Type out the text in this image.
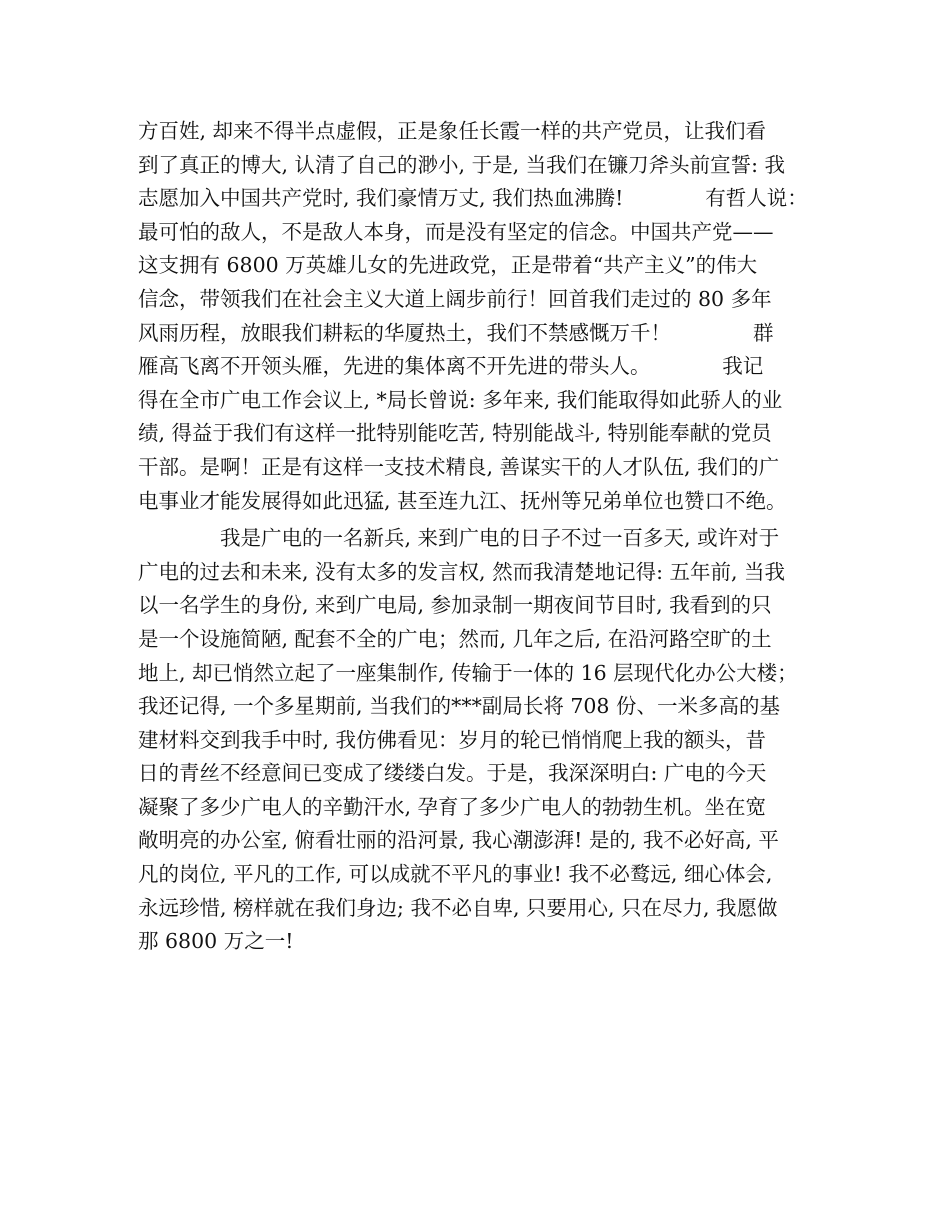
方百姓, 却来不得半点虚假，正是象任长霞一样的共产党员，让我们看
到了真正的博大, 认清了自己的渺小, 于是, 当我们在镰刀斧头前宣誓: 我
志愿加入中国共产党时, 我们豪情万丈, 我们热血沸腾!　　　　有哲人说：
最可怕的敌人，不是敌人本身，而是没有坚定的信念。中国共产党——
这支拥有 6800 万英雄儿女的先进政党，正是带着“共产主义”的伟大
信念，带领我们在社会主义大道上阔步前行！回首我们走过的 80 多年
风雨历程，放眼我们耕耘的华厦热土，我们不禁感慨万千！　　　　群
雁高飞离不开领头雁，先进的集体离不开先进的带头人。　　　　我记
得在全市广电工作会议上, *局长曾说: 多年来, 我们能取得如此骄人的业
绩, 得益于我们有这样一批特别能吃苦, 特别能战斗, 特别能奉献的党员
干部。是啊！正是有这样一支技术精良, 善谋实干的人才队伍, 我们的广
电事业才能发展得如此迅猛, 甚至连九江、抚州等兄弟单位也赞口不绝。
　　　　我是广电的一名新兵, 来到广电的日子不过一百多天, 或许对于
广电的过去和未来, 没有太多的发言权, 然而我清楚地记得: 五年前, 当我
以一名学生的身份, 来到广电局, 参加录制一期夜间节目时, 我看到的只
是一个设施简陋, 配套不全的广电；然而, 几年之后, 在沿河路空旷的土
地上, 却已悄然立起了一座集制作, 传输于一体的 16 层现代化办公大楼；
我还记得, 一个多星期前, 当我们的***副局长将 708 份、一米多高的基
建材料交到我手中时, 我仿佛看见：岁月的轮已悄悄爬上我的额头，昔
日的青丝不经意间已变成了缕缕白发。于是，我深深明白: 广电的今天
凝聚了多少广电人的辛勤汗水, 孕育了多少广电人的勃勃生机。坐在宽
敞明亮的办公室, 俯看壮丽的沿河景, 我心潮澎湃! 是的, 我不必好高, 平
凡的岗位, 平凡的工作, 可以成就不平凡的事业! 我不必鹜远, 细心体会,
永远珍惜, 榜样就在我们身边; 我不必自卑, 只要用心, 只在尽力, 我愿做
那 6800 万之一!
